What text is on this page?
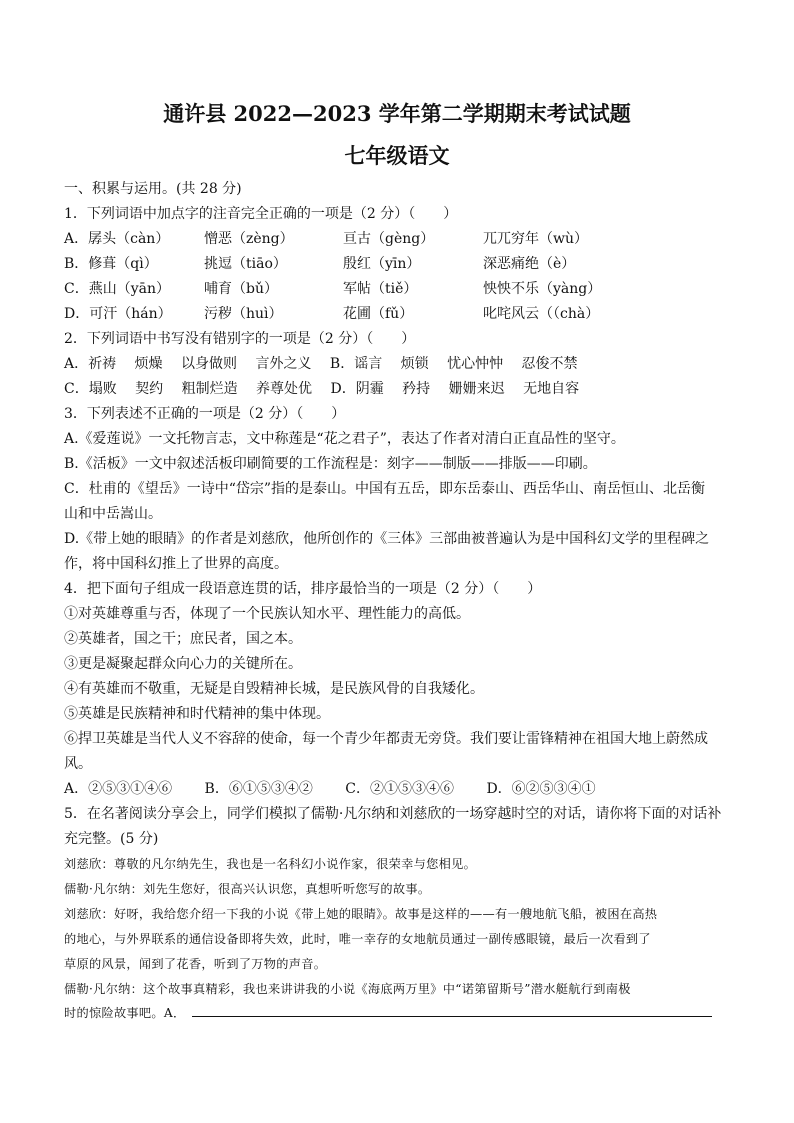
通许县 2022—2023 学年第二学期期末考试试题
七年级语文
一、积累与运用。(共 28 分)
1．下列词语中加点字的注音完全正确的一项是（2 分）（　　）
A．孱头（càn） 憎恶（zèng）	亘古（gèng）	兀兀穷年（wù）
B．修葺（qì）	挑逗（tiāo）	殷红（yīn）	深恶痛绝（è）
C．燕山（yān） 哺育（bǔ）	军帖（tiě）	怏怏不乐（yàng）
D．可汗（hán） 污秽（huì）	花圃（fǔ）	叱咤风云（（chà）
2．下列词语中书写没有错别字的一项是（2 分）（　　）
A．祈祷　 烦燥　 以身做则　 言外之义　 B．谣言　 烦锁　 忧心忡忡　 忍俊不禁
C．塌败　 契约　 粗制烂造　 养尊处优　 D．阴霾　 矜持　 姗姗来迟　 无地自容
3．下列表述不正确的一项是（2 分）（　　）
A.《爱莲说》一文托物言志，文中称莲是“花之君子”，表达了作者对清白正直品性的坚守。
B.《活板》一文中叙述活板印刷简要的工作流程是：刻字——制版——排版——印刷。
C．杜甫的《望岳》一诗中“岱宗”指的是泰山。中国有五岳，即东岳泰山、西岳华山、南岳恒山、北岳衡
山和中岳嵩山。
D.《带上她的眼睛》的作者是刘慈欣，他所创作的《三体》三部曲被普遍认为是中国科幻文学的里程碑之
作，将中国科幻推上了世界的高度。
4．把下面句子组成一段语意连贯的话，排序最恰当的一项是（2 分）（　　）
①对英雄尊重与否，体现了一个民族认知水平、理性能力的高低。
②英雄者，国之干；庶民者，国之本。
③更是凝聚起群众向心力的关键所在。
④有英雄而不敬重，无疑是自毁精神长城，是民族风骨的自我矮化。
⑤英雄是民族精神和时代精神的集中体现。
⑥捍卫英雄是当代人义不容辞的使命，每一个青少年都责无旁贷。我们要让雷锋精神在祖国大地上蔚然成
风。
A．②⑤③①④⑥　　 B．⑥①⑤③④②　　 C．②①⑤③④⑥　　 D．⑥②⑤③④①
5．在名著阅读分享会上，同学们模拟了儒勒·凡尔纳和刘慈欣的一场穿越时空的对话，请你将下面的对话补
充完整。(5 分)
刘慈欣：尊敬的凡尔纳先生，我也是一名科幻小说作家，很荣幸与您相见。
儒勒·凡尔纳：刘先生您好，很高兴认识您，真想听听您写的故事。
刘慈欣：好呀，我给您介绍一下我的小说《带上她的眼睛》。故事是这样的——有一艘地航飞船，被困在高热
的地心，与外界联系的通信设备即将失效，此时，唯一幸存的女地航员通过一副传感眼镜，最后一次看到了
草原的风景，闻到了花香，听到了万物的声音。
儒勒·凡尔纳：这个故事真精彩，我也来讲讲我的小说《海底两万里》中“诺第留斯号”潜水艇航行到南极
时的惊险故事吧。A．
